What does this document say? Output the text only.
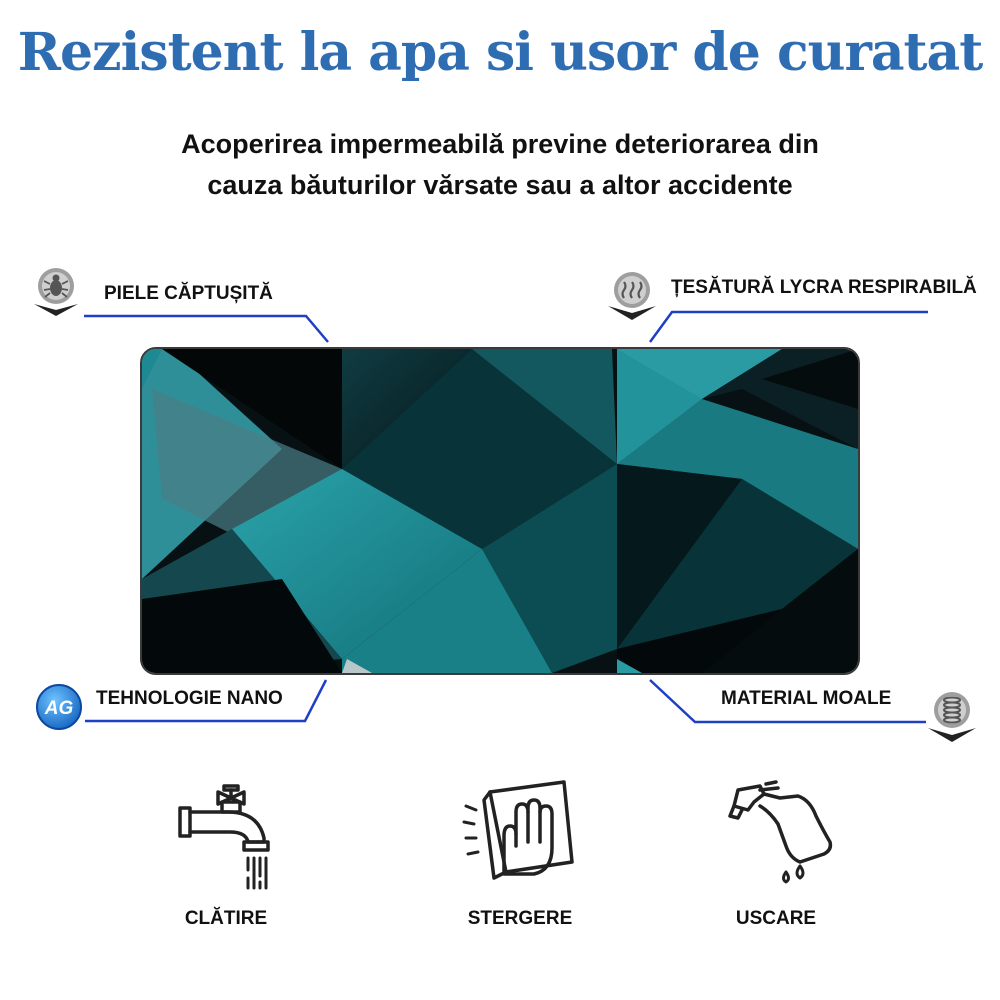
Rezistent la apa si usor de curatat
Acoperirea impermeabilă previne deteriorarea din
cauza băuturilor vărsate sau a altor accidente
PIELE CĂPTUȘITĂ	ȚESĂTURĂ LYCRA RESPIRABILĂ
AG TEHNOLOGIE NANO	MATERIAL MOALE
CLĂTIRE	STERGERE	USCARE
